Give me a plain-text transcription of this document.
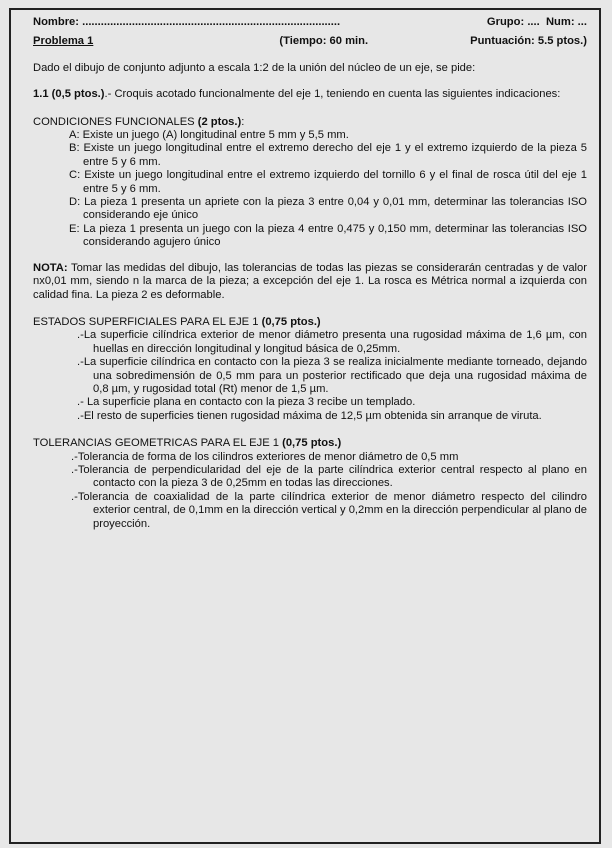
Nombre: ...................................................................................	Grupo: .... Num: ...
Problema 1	(Tiempo: 60 min.	Puntuación: 5.5 ptos.)

Dado el dibujo de conjunto adjunto a escala 1:2 de la unión del núcleo de un eje, se pide:

1.1 (0,5 ptos.).- Croquis acotado funcionalmente del eje 1, teniendo en cuenta las siguientes indicaciones:

CONDICIONES FUNCIONALES (2 ptos.):

A: Existe un juego (A) longitudinal entre 5 mm y 5,5 mm.

B: Existe un juego longitudinal entre el extremo derecho del eje 1 y el extremo izquierdo de la pieza 5 entre 5 y 6 mm.

C: Existe un juego longitudinal entre el extremo izquierdo del tornillo 6 y el final de rosca útil del eje 1 entre 5 y 6 mm.

D: La pieza 1 presenta un apriete con la pieza 3 entre 0,04 y 0,01 mm, determinar las tolerancias ISO considerando eje único

E: La pieza 1 presenta un juego con la pieza 4 entre 0,475 y 0,150 mm, determinar las tolerancias ISO considerando agujero único

NOTA: Tomar las medidas del dibujo, las tolerancias de todas las piezas se considerarán centradas y de valor nx0,01 mm, siendo n la marca de la pieza; a excepción del eje 1. La rosca es Métrica normal a izquierda con calidad fina. La pieza 2 es deformable.

ESTADOS SUPERFICIALES PARA EL EJE 1 (0,75 ptos.)

.-La superficie cilíndrica exterior de menor diámetro presenta una rugosidad máxima de 1,6 µm, con huellas en dirección longitudinal y longitud básica de 0,25mm.

.-La superficie cilíndrica en contacto con la pieza 3 se realiza inicialmente mediante torneado, dejando una sobredimensión de 0,5 mm para un posterior rectificado que deja una rugosidad máxima de 0,8 µm, y rugosidad total (Rt) menor de 1,5 µm.

.- La superficie plana en contacto con la pieza 3 recibe un templado.

.-El resto de superficies tienen rugosidad máxima de 12,5 µm obtenida sin arranque de viruta.

TOLERANCIAS GEOMETRICAS PARA EL EJE 1 (0,75 ptos.)

.-Tolerancia de forma de los cilindros exteriores de menor diámetro de 0,5 mm

.-Tolerancia de perpendicularidad del eje de la parte cilíndrica exterior central respecto al plano en contacto con la pieza 3 de 0,25mm en todas las direcciones.

.-Tolerancia de coaxialidad de la parte cilíndrica exterior de menor diámetro respecto del cilindro exterior central, de 0,1mm en la dirección vertical y 0,2mm en la dirección perpendicular al plano de proyección.
